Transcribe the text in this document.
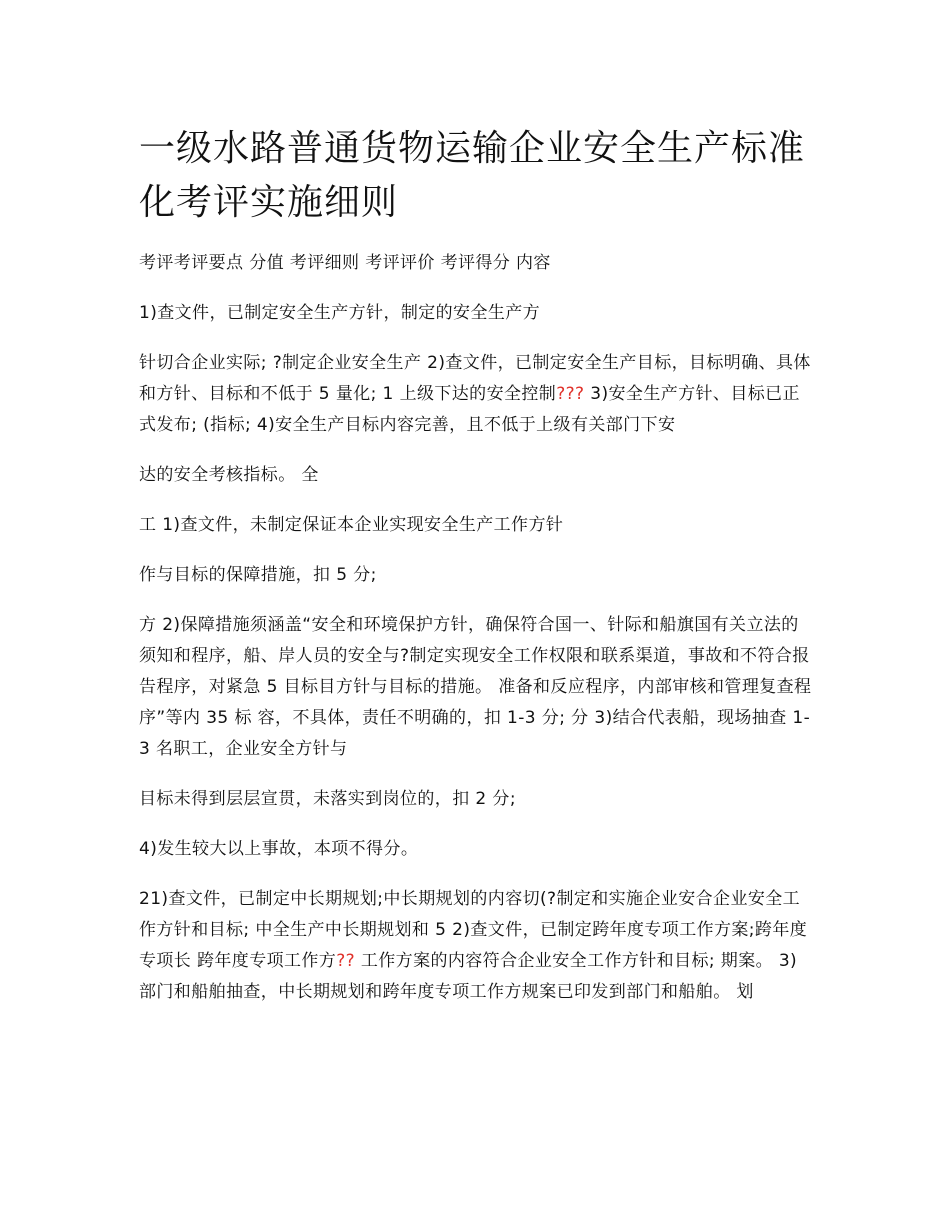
一级水路普通货物运输企业安全生产标准化考评实施细则

考评考评要点 分值 考评细则 考评评价 考评得分 内容

1)查文件，已制定安全生产方针，制定的安全生产方

针切合企业实际; ?制定企业安全生产 2)查文件，已制定安全生产目标，目标明确、具体和方针、目标和不低于 5 量化; 1 上级下达的安全控制??? 3)安全生产方针、目标已正式发布; (指标; 4)安全生产目标内容完善，且不低于上级有关部门下安

达的安全考核指标。 全

工 1)查文件，未制定保证本企业实现安全生产工作方针

作与目标的保障措施，扣 5 分;

方 2)保障措施须涵盖“安全和环境保护方针，确保符合国一、针际和船旗国有关立法的须知和程序，船、岸人员的安全与?制定实现安全工作权限和联系渠道，事故和不符合报告程序，对紧急 5 目标目方针与目标的措施。 准备和反应程序，内部审核和管理复查程序”等内 35 标 容，不具体，责任不明确的，扣 1-3 分; 分 3)结合代表船，现场抽查 1-3 名职工，企业安全方针与

目标未得到层层宣贯，未落实到岗位的，扣 2 分;

4)发生较大以上事故，本项不得分。

21)查文件，已制定中长期规划;中长期规划的内容切(?制定和实施企业安合企业安全工作方针和目标; 中全生产中长期规划和 5 2)查文件，已制定跨年度专项工作方案;跨年度专项长 跨年度专项工作方?? 工作方案的内容符合企业安全工作方针和目标; 期案。 3)部门和船舶抽查，中长期规划和跨年度专项工作方规案已印发到部门和船舶。 划
